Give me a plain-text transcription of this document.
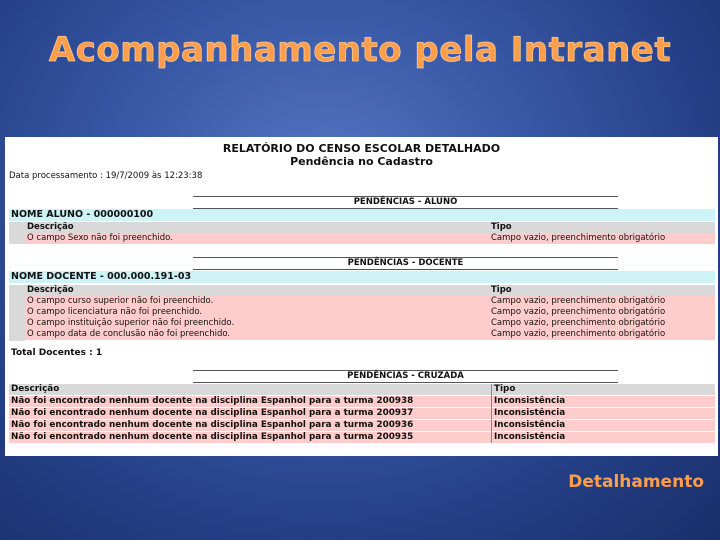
Acompanhamento pela Intranet
RELATÓRIO DO CENSO ESCOLAR DETALHADO
Pendência no Cadastro
Data processamento : 19/7/2009 às 12:23:38
PENDÊNCIAS - ALUNO
NOME ALUNO - 000000100
Descrição	Tipo
O campo Sexo não foi preenchido.	Campo vazio, preenchimento obrigatório
PENDÊNCIAS - DOCENTE
NOME DOCENTE - 000.000.191-03
Descrição	Tipo
O campo curso superior não foi preenchido.	Campo vazio, preenchimento obrigatório
O campo licenciatura não foi preenchido.	Campo vazio, preenchimento obrigatório
O campo instituição superior não foi preenchido.	Campo vazio, preenchimento obrigatório
O campo data de conclusão não foi preenchido.	Campo vazio, preenchimento obrigatório
Total Docentes : 1
PENDÊNCIAS - CRUZADA
Descrição	Tipo
Não foi encontrado nenhum docente na disciplina Espanhol para a turma 200938	Inconsistência
Não foi encontrado nenhum docente na disciplina Espanhol para a turma 200937	Inconsistência
Não foi encontrado nenhum docente na disciplina Espanhol para a turma 200936	Inconsistência
Não foi encontrado nenhum docente na disciplina Espanhol para a turma 200935	Inconsistência
Detalhamento
